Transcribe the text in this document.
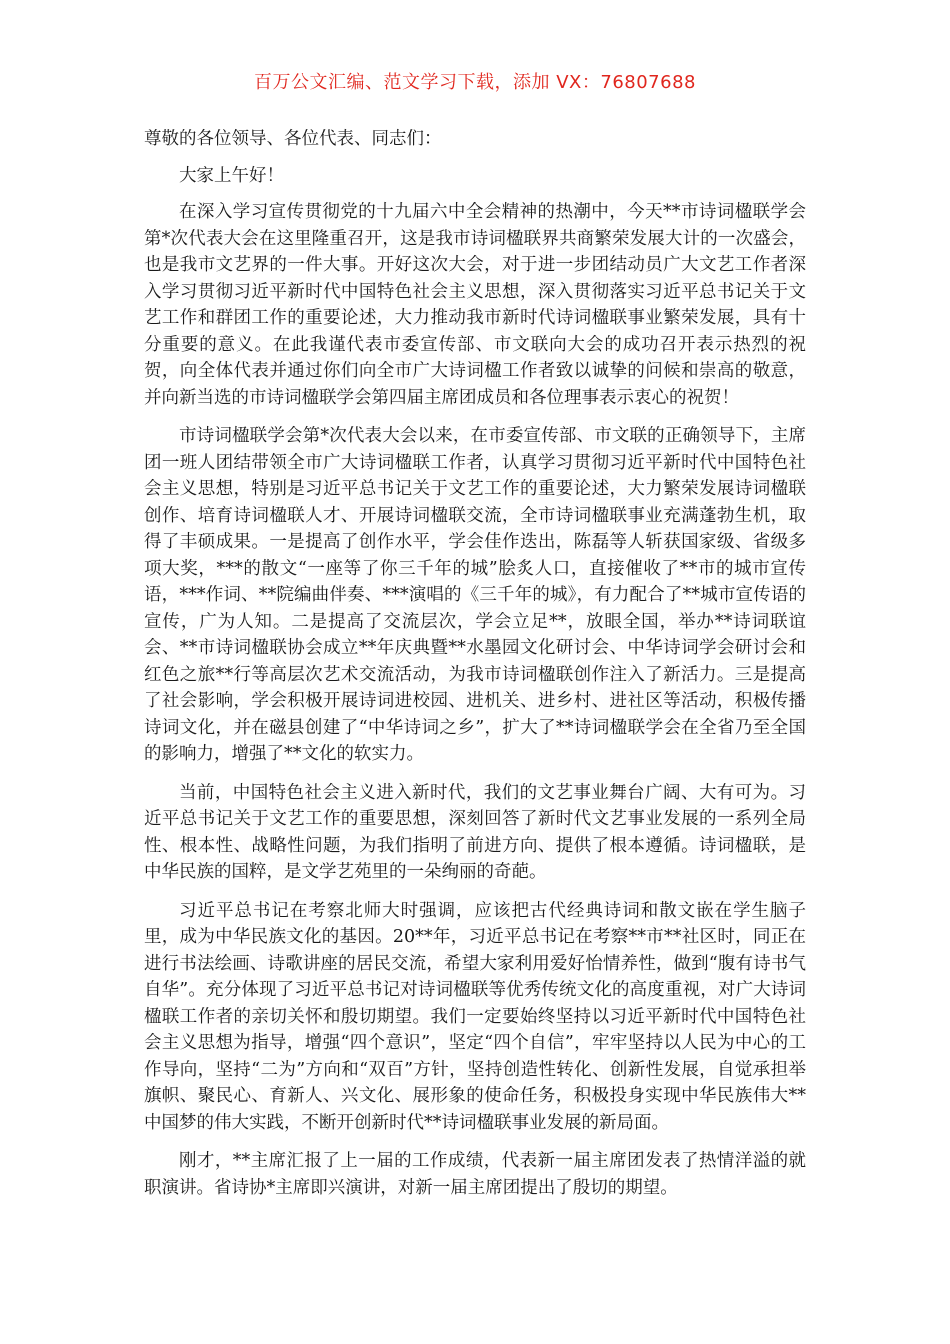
百万公文汇编、范文学习下载，添加 VX：76807688

尊敬的各位领导、各位代表、同志们：

大家上午好！

在深入学习宣传贯彻党的十九届六中全会精神的热潮中，今天**市诗词楹联学会第*次代表大会在这里隆重召开，这是我市诗词楹联界共商繁荣发展大计的一次盛会，也是我市文艺界的一件大事。开好这次大会，对于进一步团结动员广大文艺工作者深入学习贯彻习近平新时代中国特色社会主义思想，深入贯彻落实习近平总书记关于文艺工作和群团工作的重要论述，大力推动我市新时代诗词楹联事业繁荣发展，具有十分重要的意义。在此我谨代表市委宣传部、市文联向大会的成功召开表示热烈的祝贺，向全体代表并通过你们向全市广大诗词楹工作者致以诚挚的问候和崇高的敬意，并向新当选的市诗词楹联学会第四届主席团成员和各位理事表示衷心的祝贺！

市诗词楹联学会第*次代表大会以来，在市委宣传部、市文联的正确领导下，主席团一班人团结带领全市广大诗词楹联工作者，认真学习贯彻习近平新时代中国特色社会主义思想，特别是习近平总书记关于文艺工作的重要论述，大力繁荣发展诗词楹联创作、培育诗词楹联人才、开展诗词楹联交流，全市诗词楹联事业充满蓬勃生机，取得了丰硕成果。一是提高了创作水平，学会佳作迭出，陈磊等人斩获国家级、省级多项大奖，***的散文“一座等了你三千年的城”脍炙人口，直接催收了**市的城市宣传语，***作词、**院编曲伴奏、***演唱的《三千年的城》，有力配合了**城市宣传语的宣传，广为人知。二是提高了交流层次，学会立足**，放眼全国，举办**诗词联谊会、**市诗词楹联协会成立**年庆典暨**水墨园文化研讨会、中华诗词学会研讨会和红色之旅**行等高层次艺术交流活动，为我市诗词楹联创作注入了新活力。三是提高了社会影响，学会积极开展诗词进校园、进机关、进乡村、进社区等活动，积极传播诗词文化，并在磁县创建了“中华诗词之乡”，扩大了**诗词楹联学会在全省乃至全国的影响力，增强了**文化的软实力。

当前，中国特色社会主义进入新时代，我们的文艺事业舞台广阔、大有可为。习近平总书记关于文艺工作的重要思想，深刻回答了新时代文艺事业发展的一系列全局性、根本性、战略性问题，为我们指明了前进方向、提供了根本遵循。诗词楹联，是中华民族的国粹，是文学艺苑里的一朵绚丽的奇葩。

习近平总书记在考察北师大时强调，应该把古代经典诗词和散文嵌在学生脑子里，成为中华民族文化的基因。20**年，习近平总书记在考察**市**社区时，同正在进行书法绘画、诗歌讲座的居民交流，希望大家利用爱好怡情养性，做到“腹有诗书气自华”。充分体现了习近平总书记对诗词楹联等优秀传统文化的高度重视，对广大诗词楹联工作者的亲切关怀和殷切期望。我们一定要始终坚持以习近平新时代中国特色社会主义思想为指导，增强“四个意识”，坚定“四个自信”，牢牢坚持以人民为中心的工作导向，坚持“二为”方向和“双百”方针，坚持创造性转化、创新性发展，自觉承担举旗帜、聚民心、育新人、兴文化、展形象的使命任务，积极投身实现中华民族伟大**中国梦的伟大实践，不断开创新时代**诗词楹联事业发展的新局面。

刚才，**主席汇报了上一届的工作成绩，代表新一届主席团发表了热情洋溢的就职演讲。省诗协*主席即兴演讲，对新一届主席团提出了殷切的期望。
